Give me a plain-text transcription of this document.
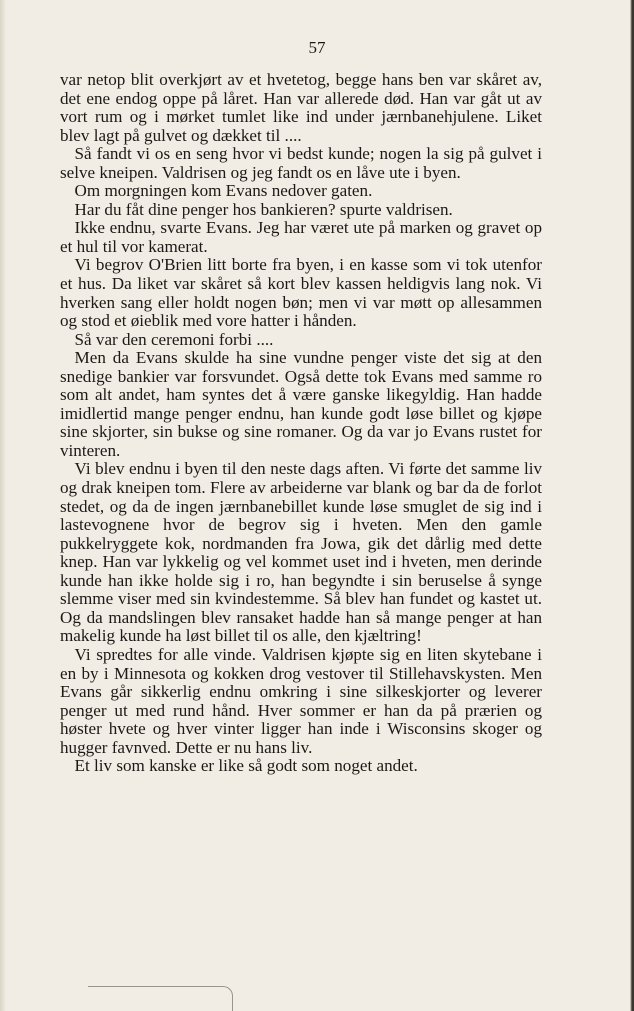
57

var netop blit overkjørt av et hvetetog, begge hans ben var skåret av, det ene endog oppe på låret. Han var allerede død. Han var gåt ut av vort rum og i mørket tumlet like ind under jærnbanehjulene. Liket blev lagt på gulvet og dækket til ....

Så fandt vi os en seng hvor vi bedst kunde; nogen la sig på gulvet i selve kneipen. Valdrisen og jeg fandt os en låve ute i byen.

Om morgningen kom Evans nedover gaten.

Har du fåt dine penger hos bankieren? spurte valdrisen.

Ikke endnu, svarte Evans. Jeg har været ute på marken og gravet op et hul til vor kamerat.

Vi begrov O'Brien litt borte fra byen, i en kasse som vi tok utenfor et hus. Da liket var skåret så kort blev kassen heldigvis lang nok. Vi hverken sang eller holdt nogen bøn; men vi var møtt op allesammen og stod et øieblik med vore hatter i hånden.

Så var den ceremoni forbi ....

Men da Evans skulde ha sine vundne penger viste det sig at den snedige bankier var forsvundet. Også dette tok Evans med samme ro som alt andet, ham syntes det å være ganske likegyldig. Han hadde imidlertid mange penger endnu, han kunde godt løse billet og kjøpe sine skjorter, sin bukse og sine romaner. Og da var jo Evans rustet for vinteren.

Vi blev endnu i byen til den neste dags aften. Vi førte det samme liv og drak kneipen tom. Flere av arbeiderne var blank og bar da de forlot stedet, og da de ingen jærnbanebillet kunde løse smuglet de sig ind i lastevognene hvor de begrov sig i hveten. Men den gamle pukkelryggete kok, nordmanden fra Jowa, gik det dårlig med dette knep. Han var lykkelig og vel kommet uset ind i hveten, men derinde kunde han ikke holde sig i ro, han begyndte i sin beruselse å synge slemme viser med sin kvindestemme. Så blev han fundet og kastet ut. Og da mandslingen blev ransaket hadde han så mange penger at han makelig kunde ha løst billet til os alle, den kjæltring!

Vi spredtes for alle vinde. Valdrisen kjøpte sig en liten skytebane i en by i Minnesota og kokken drog vestover til Stillehavskysten. Men Evans går sikkerlig endnu omkring i sine silkeskjorter og leverer penger ut med rund hånd. Hver sommer er han da på prærien og høster hvete og hver vinter ligger han inde i Wisconsins skoger og hugger favnved. Dette er nu hans liv.

Et liv som kanske er like så godt som noget andet.
